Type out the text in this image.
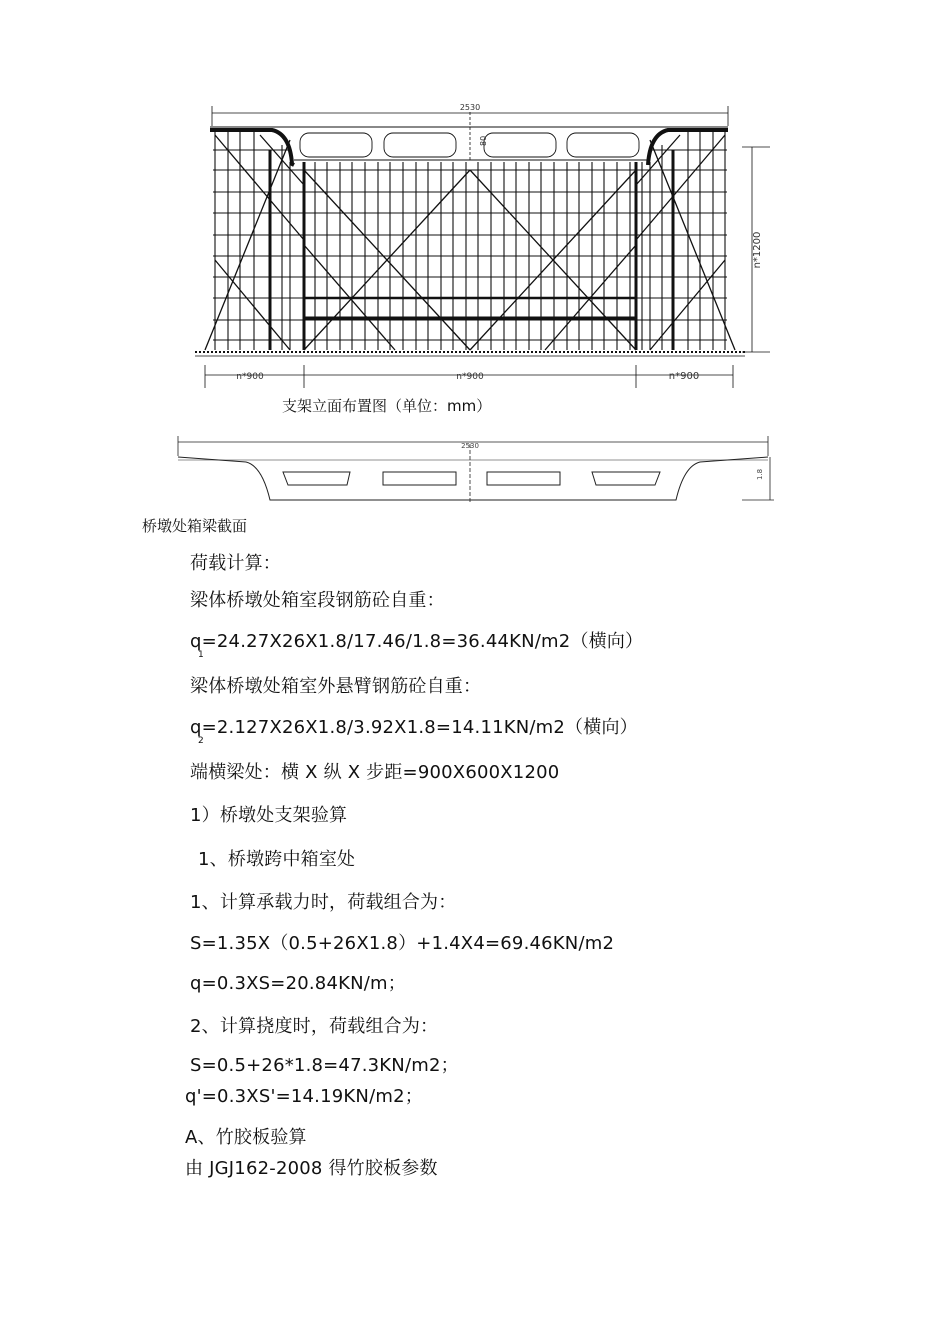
2530
80
n*1200
n*900	n*900	n*900
支架立面布置图（单位：mm）
2530
1.8
桥墩处箱梁截面
荷载计算：
梁体桥墩处箱室段钢筋砼自重：
q=24.27X26X1.8/17.46/1.8=36.44KN/m2（横向）
1
梁体桥墩处箱室外悬臂钢筋砼自重：
q=2.127X26X1.8/3.92X1.8=14.11KN/m2（横向）
2
端横梁处：横 X 纵 X 步距=900X600X1200
1）桥墩处支架验算
1、桥墩跨中箱室处
1、计算承载力时，荷载组合为：
S=1.35X（0.5+26X1.8）+1.4X4=69.46KN/m2
q=0.3XS=20.84KN/m；
2、计算挠度时，荷载组合为：
S=0.5+26*1.8=47.3KN/m2；
q'=0.3XS'=14.19KN/m2；
A、竹胶板验算
由 JGJ162-2008 得竹胶板参数
